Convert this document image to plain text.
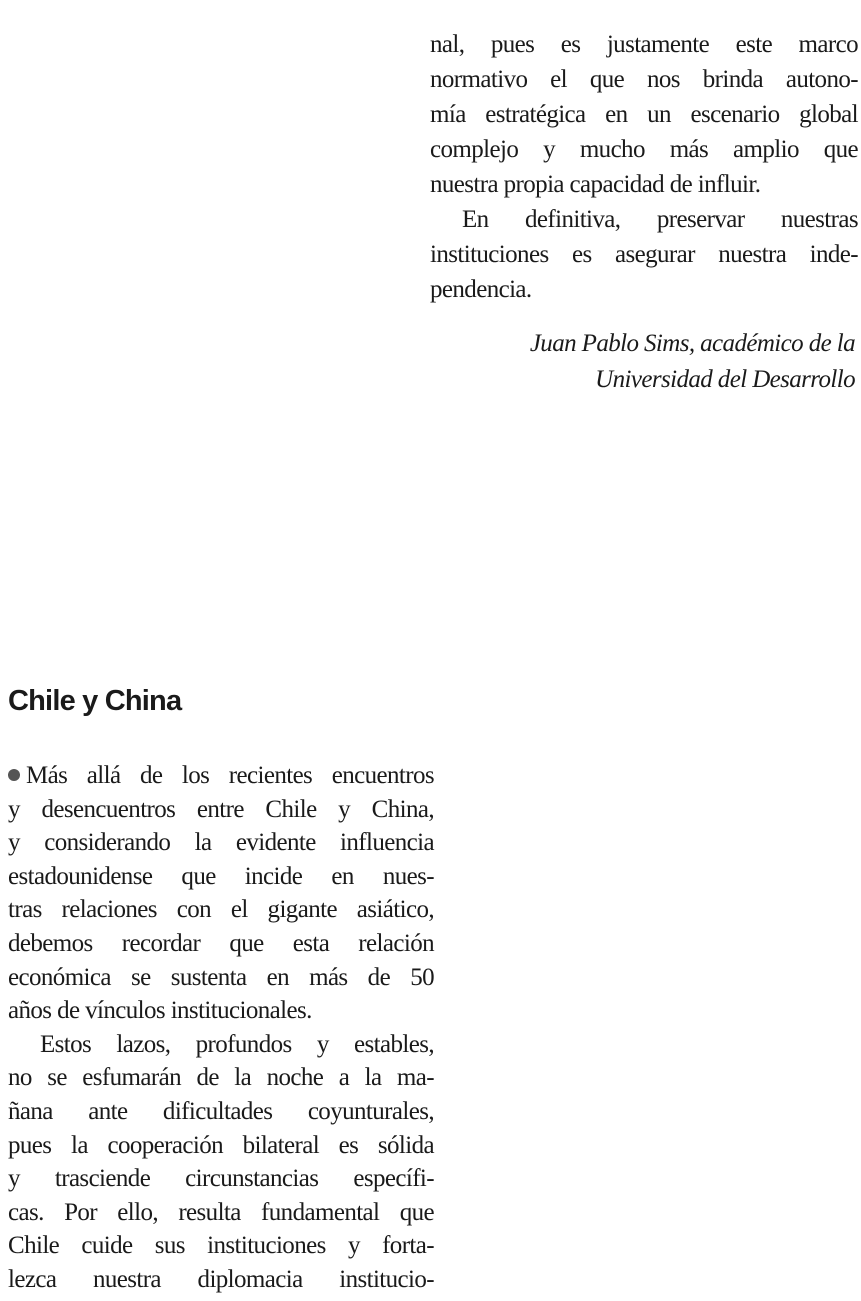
nal, pues es justamente este marco
normativo el que nos brinda autono-
mía estratégica en un escenario global
complejo y mucho más amplio que
nuestra propia capacidad de influir.
En definitiva, preservar nuestras
instituciones es asegurar nuestra inde-
pendencia.
Juan Pablo Sims, académico de la
Universidad del Desarrollo
Chile y China
Más allá de los recientes encuentros
y desencuentros entre Chile y China,
y considerando la evidente influencia
estadounidense que incide en nues-
tras relaciones con el gigante asiático,
debemos recordar que esta relación
económica se sustenta en más de 50
años de vínculos institucionales.
Estos lazos, profundos y estables,
no se esfumarán de la noche a la ma-
ñana ante dificultades coyunturales,
pues la cooperación bilateral es sólida
y trasciende circunstancias específi-
cas. Por ello, resulta fundamental que
Chile cuide sus instituciones y forta-
lezca nuestra diplomacia institucio-
